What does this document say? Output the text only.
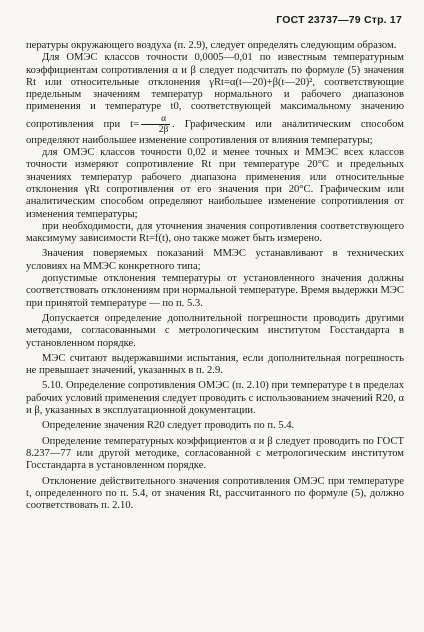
ГОСТ 23737—79 Стр. 17

пературы окружающего воздуха (п. 2.9), следует определять следующим образом.

Для ОМЭС классов точности 0,0005—0,01 по известным температурным коэффициентам сопротивления α и β следует подсчитать по формуле (5) значения Rt или относительные отклонения γRt=α(t—20)+β(t—20)², соответствующие предельным значениям температур нормального и рабочего диапазонов применения и температуре t0, соответствующей максимальному значению сопротивления при $t= \frac{\alpha}{2\beta}$ . Графическим или аналитическим способом определяют наибольшее изменение сопротивления от влияния температуры;

для ОМЭС классов точности 0,02 и менее точных и ММЭС всех классов точности измеряют сопротивление Rt при температуре 20°С и предельных значениях температур рабочего диапазона применения или относительные отклонения γRt сопротивления от его значения при 20°С. Графическим или аналитическим способом определяют наибольшее изменение сопротивления от изменения температуры;

при необходимости, для уточнения значения сопротивления соответствующего максимуму зависимости Rt=f(t), оно также может быть измерено.

Значения поверяемых показаний ММЭС устанавливают в технических условиях на ММЭС конкретного типа;

допустимые отклонения температуры от установленного значения должны соответствовать отклонениям при нормальной температуре. Время выдержки МЭС при принятой температуре — по п. 5.3.

Допускается определение дополнительной погрешности проводить другими методами, согласованными с метрологическим институтом Госстандарта в установленном порядке.

МЭС считают выдержавшими испытания, если дополнительная погрешность не превышает значений, указанных в п. 2.9.

5.10. Определение сопротивления ОМЭС (п. 2.10) при температуре t в пределах рабочих условий применения следует проводить с использованием значений R20, α и β, указанных в эксплуатационной документации.

Определение значения R20 следует проводить по п. 5.4.

Определение температурных коэффициентов α и β следует проводить по ГОСТ 8.237—77 или другой методике, согласованной с метрологическим институтом Госстандарта в установленном порядке.

Отклонение действительного значения сопротивления ОМЭС при температуре t, определенного по п. 5.4, от значения Rt, рассчитанного по формуле (5), должно соответствовать п. 2.10.
